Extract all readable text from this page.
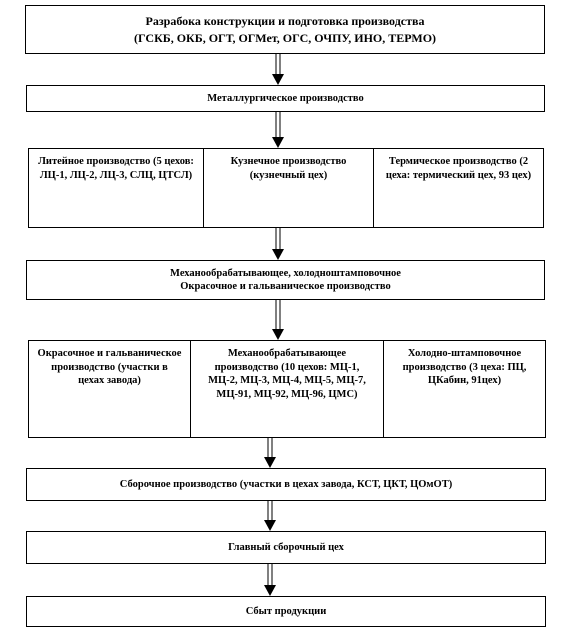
Разрабока конструкции и подготовка производства
(ГСКБ, ОКБ, ОГТ, ОГМет, ОГС, ОЧПУ, ИНО, ТЕРМО)
Металлургическое производство
Литейное производство (5 цехов: ЛЦ-1, ЛЦ-2, ЛЦ-3, СЛЦ, ЦТСЛ)
Кузнечное производство (кузнечный цех)
Термическое производство (2 цеха: термический цех, 93 цех)
Механообрабатывающее, холодноштамповочное
Окрасочное и гальваническое производство
Окрасочное и гальваническое производство (участки в цехах завода)
Механообрабатывающее производство (10 цехов: МЦ-1, МЦ-2, МЦ-3, МЦ-4, МЦ-5, МЦ-7, МЦ-91, МЦ-92, МЦ-96, ЦМС)
Холодно-штамповочное производство (3 цеха: ПЦ, ЦКабин, 91цех)
Сборочное производство (участки в цехах завода, КСТ, ЦКТ, ЦОмОТ)
Главный сборочный цех
Сбыт продукции
